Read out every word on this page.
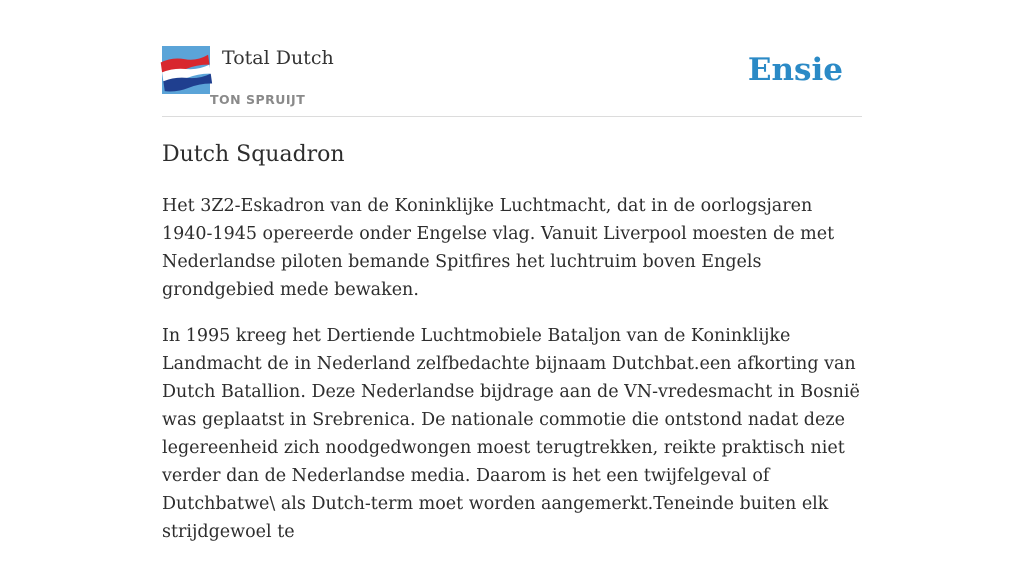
Total Dutch
TON SPRUIJT
Ensie
Dutch Squadron

Het 3Z2-Eskadron van de Koninklijke Luchtmacht, dat in de oorlogsjaren 1940-1945 opereerde onder Engelse vlag. Vanuit Liverpool moesten de met Nederlandse piloten bemande Spitfires het luchtruim boven Engels grondgebied mede bewaken.

In 1995 kreeg het Dertiende Luchtmobiele Bataljon van de Koninklijke Landmacht de in Nederland zelfbedachte bijnaam Dutchbat.een afkorting van Dutch Batallion. Deze Nederlandse bijdrage aan de VN-vredesmacht in Bosnië was geplaatst in Srebrenica. De nationale commotie die ontstond nadat deze legereenheid zich noodgedwongen moest terugtrekken, reikte praktisch niet verder dan de Nederlandse media. Daarom is het een twijfelgeval of Dutchbatwe\ als Dutch-term moet worden aangemerkt.Teneinde buiten elk strijdgewoel te
